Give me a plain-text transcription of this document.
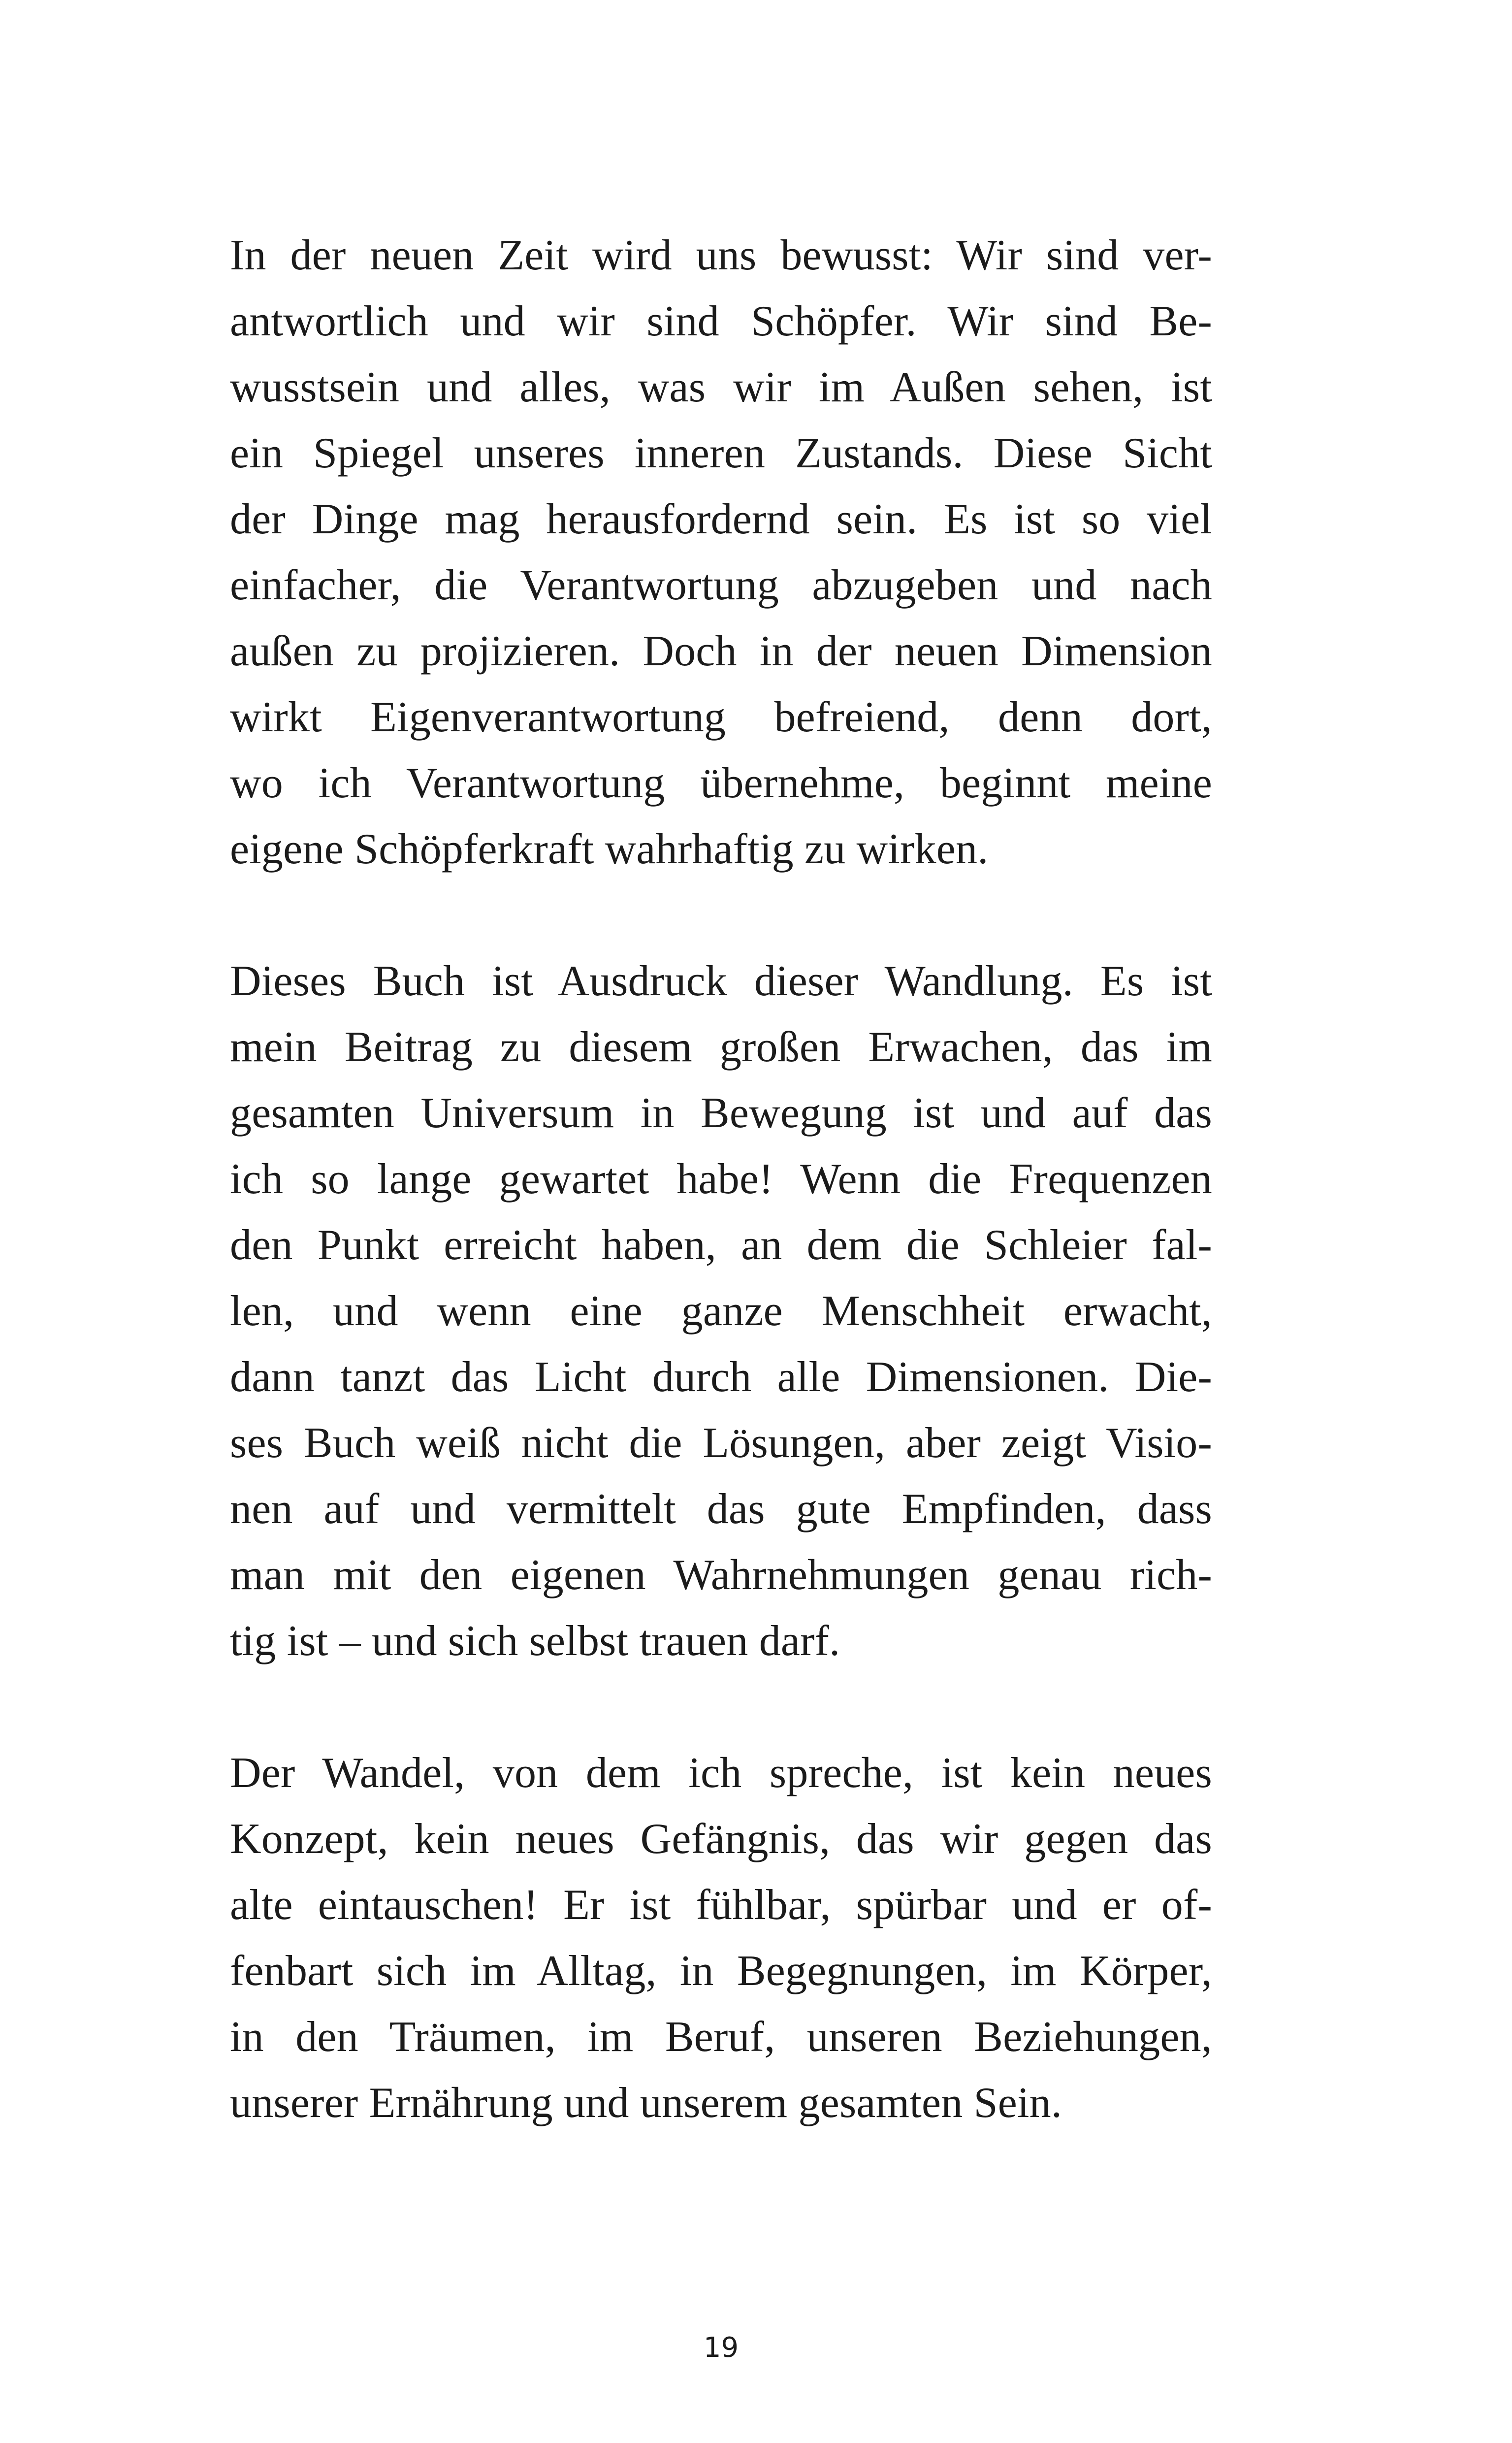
In der neuen Zeit wird uns bewusst: Wir sind ver-
antwortlich und wir sind Schöpfer. Wir sind Be-
wusstsein und alles, was wir im Außen sehen, ist
ein Spiegel unseres inneren Zustands. Diese Sicht
der Dinge mag herausfordernd sein. Es ist so viel
einfacher, die Verantwortung abzugeben und nach
außen zu projizieren. Doch in der neuen Dimension
wirkt Eigenverantwortung befreiend, denn dort,
wo ich Verantwortung übernehme, beginnt meine
eigene Schöpferkraft wahrhaftig zu wirken.

Dieses Buch ist Ausdruck dieser Wandlung. Es ist
mein Beitrag zu diesem großen Erwachen, das im
gesamten Universum in Bewegung ist und auf das
ich so lange gewartet habe! Wenn die Frequenzen
den Punkt erreicht haben, an dem die Schleier fal-
len, und wenn eine ganze Menschheit erwacht,
dann tanzt das Licht durch alle Dimensionen. Die-
ses Buch weiß nicht die Lösungen, aber zeigt Visio-
nen auf und vermittelt das gute Empfinden, dass
man mit den eigenen Wahrnehmungen genau rich-
tig ist – und sich selbst trauen darf.

Der Wandel, von dem ich spreche, ist kein neues
Konzept, kein neues Gefängnis, das wir gegen das
alte eintauschen! Er ist fühlbar, spürbar und er of-
fenbart sich im Alltag, in Begegnungen, im Körper,
in den Träumen, im Beruf, unseren Beziehungen,
unserer Ernährung und unserem gesamten Sein.

19
